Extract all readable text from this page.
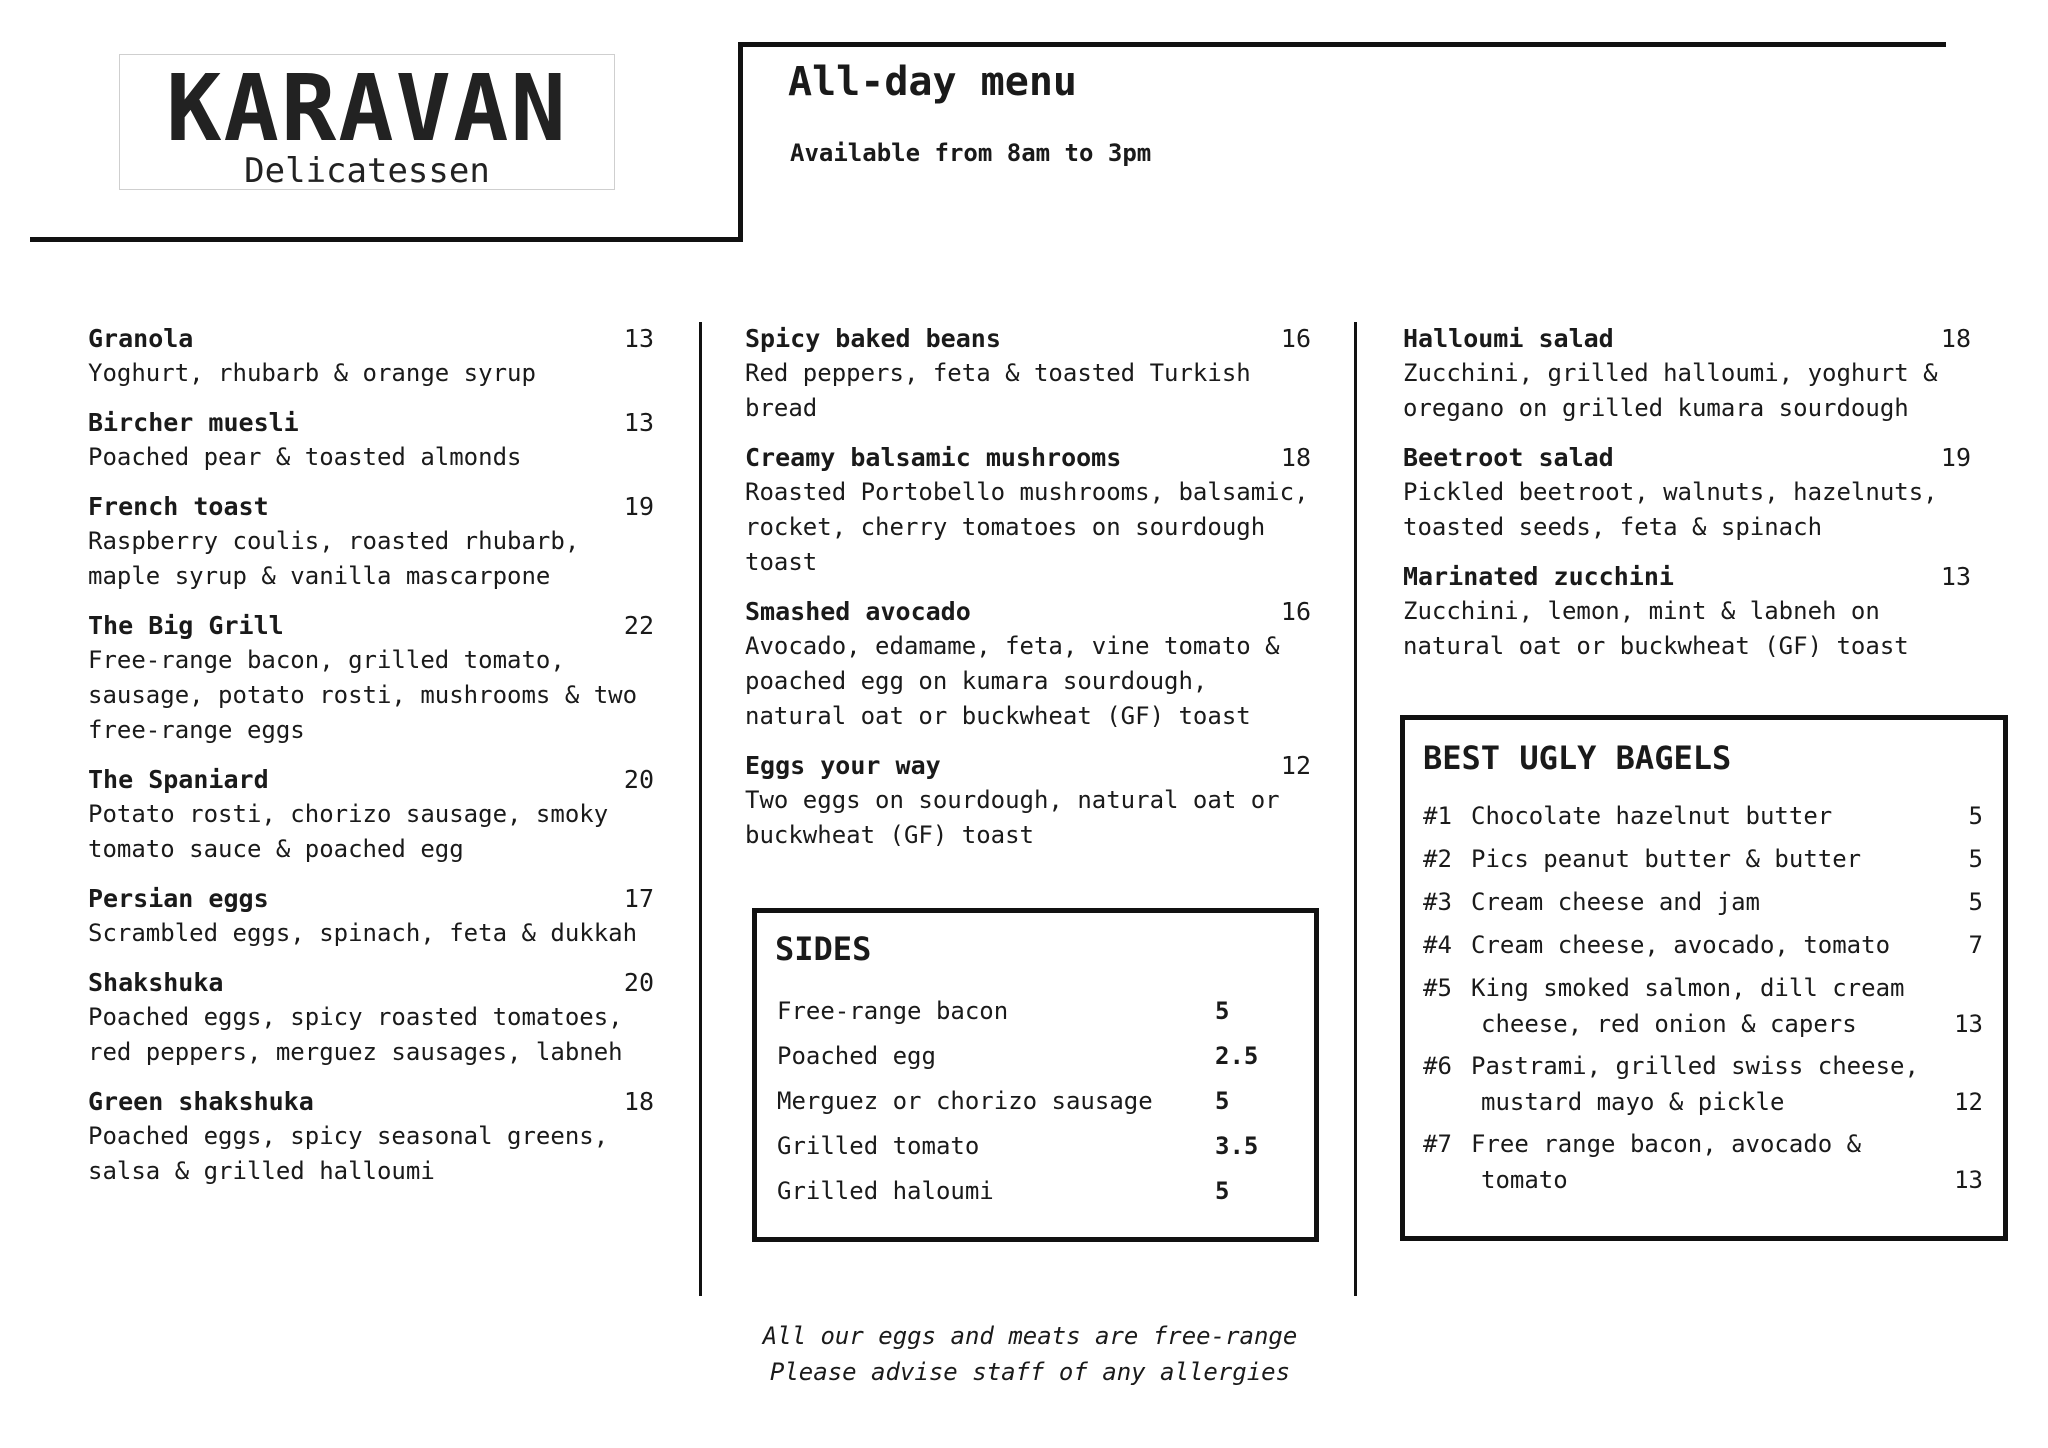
KARAVAN
Delicatessen
All-day menu
Available from 8am to 3pm
Granola	13
Yoghurt, rhubarb & orange syrup
Bircher muesli	13
Poached pear & toasted almonds
French toast	19
Raspberry coulis, roasted rhubarb, maple syrup & vanilla mascarpone
The Big Grill	22
Free-range bacon, grilled tomato, sausage, potato rosti, mushrooms & two free-range eggs
The Spaniard	20
Potato rosti, chorizo sausage, smoky tomato sauce & poached egg
Persian eggs	17
Scrambled eggs, spinach, feta & dukkah
Shakshuka	20
Poached eggs, spicy roasted tomatoes, red peppers, merguez sausages, labneh
Green shakshuka	18
Poached eggs, spicy seasonal greens, salsa & grilled halloumi
Spicy baked beans	16
Red peppers, feta & toasted Turkish bread
Creamy balsamic mushrooms	18
Roasted Portobello mushrooms, balsamic, rocket, cherry tomatoes on sourdough toast
Smashed avocado	16
Avocado, edamame, feta, vine tomato & poached egg on kumara sourdough, natural oat or buckwheat (GF) toast
Eggs your way	12
Two eggs on sourdough, natural oat or buckwheat (GF) toast
Halloumi salad	18
Zucchini, grilled halloumi, yoghurt & oregano on grilled kumara sourdough
Beetroot salad	19
Pickled beetroot, walnuts, hazelnuts, toasted seeds, feta & spinach
Marinated zucchini	13
Zucchini, lemon, mint & labneh on natural oat or buckwheat (GF) toast
SIDES
Free-range bacon	5
Poached egg	2.5
Merguez or chorizo sausage	5
Grilled tomato	3.5
Grilled haloumi	5
BEST UGLY BAGELS
#1 Chocolate hazelnut butter	5
#2 Pics peanut butter & butter	5
#3 Cream cheese and jam	5
#4 Cream cheese, avocado, tomato	7
#5 King smoked salmon, dill cream
cheese, red onion & capers	13
#6 Pastrami, grilled swiss cheese,
mustard mayo & pickle	12
#7 Free range bacon, avocado &
tomato	13
All our eggs and meats are free-range
Please advise staff of any allergies
